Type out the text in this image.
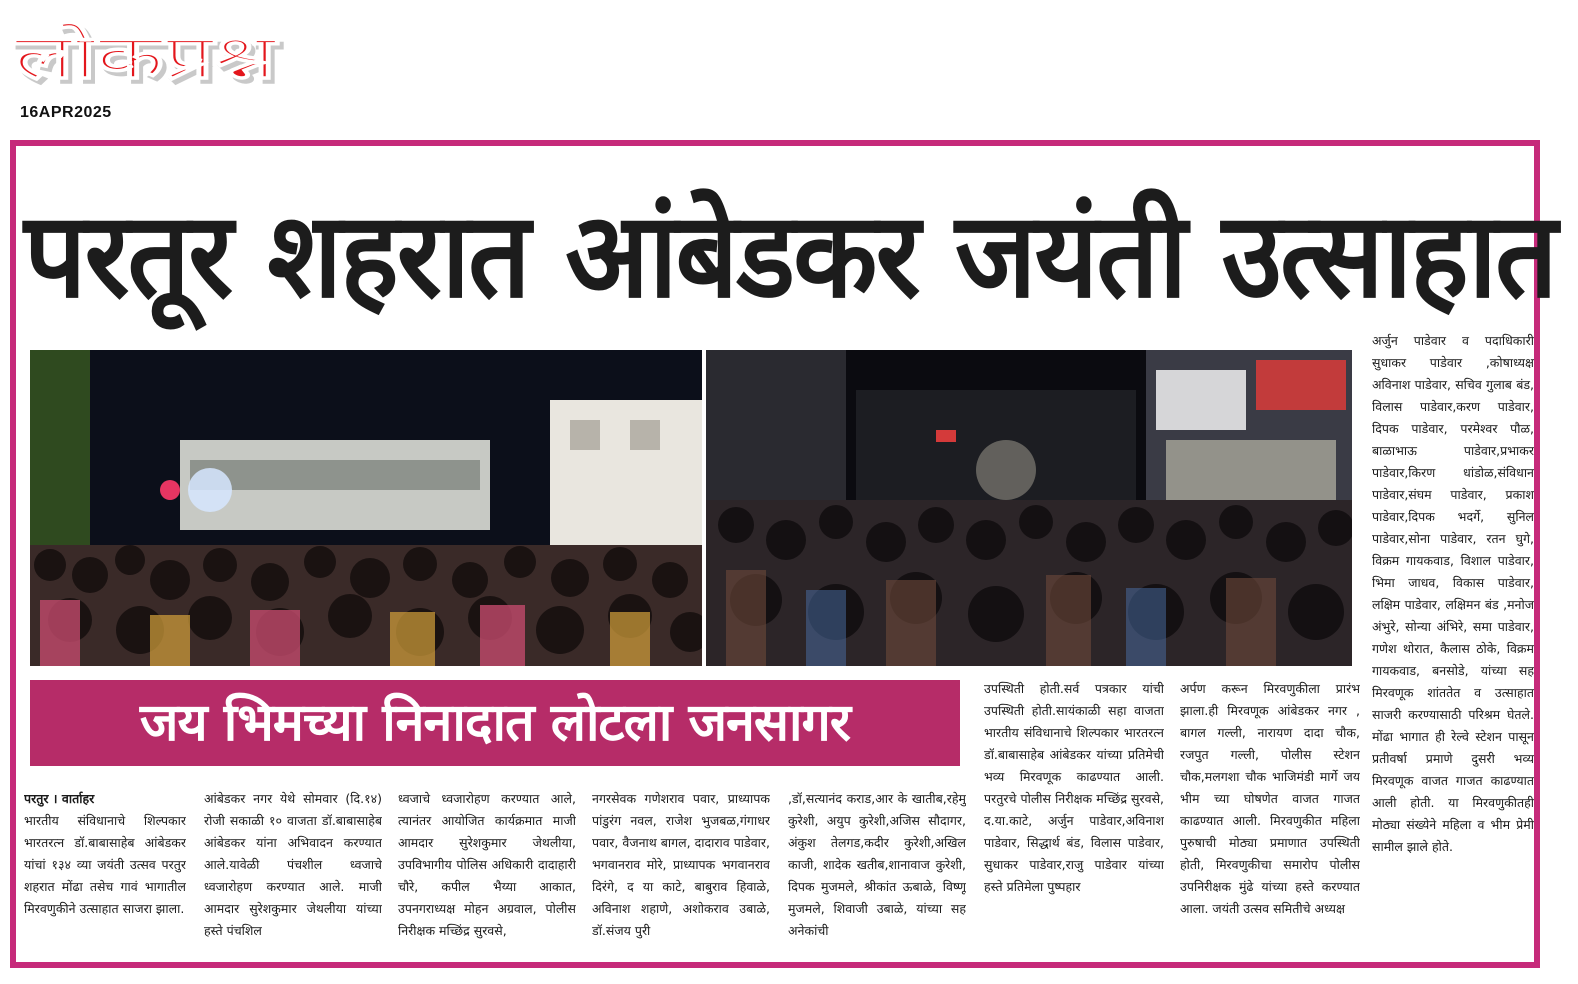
लोकप्रश्न
16APR2025
परतूर शहरात आंबेडकर जयंती उत्साहात
जय भिमच्या निनादात लोटला जनसागर
परतुर । वार्ताहर

भारतीय संविधानाचे शिल्पकार भारतरत्न डॉ.बाबासाहेब आंबेडकर यांचां १३४ व्या जयंती उत्सव परतुर शहरात मोंढा तसेच गावं भागातील मिरवणुकीने उत्साहात साजरा झाला.

आंबेडकर नगर येथे सोमवार (दि.१४) रोजी सकाळी १० वाजता डॉ.बाबासाहेब आंबेडकर यांना अभिवादन करण्यात आले.यावेळी पंचशील ध्वजाचे ध्वजारोहण करण्यात आले. माजी आमदार सुरेशकुमार जेथलीया यांच्या हस्ते पंचशिल

ध्वजाचे ध्वजारोहण करण्यात आले, त्यानंतर आयोजित कार्यक्रमात माजी आमदार सुरेशकुमार जेथलीया, उपविभागीय पोलिस अधिकारी दादाहारी चौरे, कपील भैय्या आकात, उपनगराध्यक्ष मोहन अग्रवाल, पोलीस निरीक्षक मच्छिंद्र सुरवसे,

नगरसेवक गणेशराव पवार, प्राध्यापक पांडुरंग नवल, राजेश भुजबळ,गंगाधर पवार, वैजनाथ बागल, दादाराव पाडेवार, भगवानराव मोरे, प्राध्यापक भगवानराव दिरंगे, द या काटे, बाबुराव हिवाळे, अविनाश शहाणे, अशोकराव उबाळे, डॉ.संजय पुरी

,डॉ,सत्यानंद कराड,आर के खातीब,रहेमु कुरेशी, अयुप कुरेशी,अजिस सौदागर, अंकुश तेलगड,कदीर कुरेशी,अखिल काजी, शादेक खतीब,शानावाज कुरेशी, दिपक मुजमले, श्रीकांत ऊबाळे, विष्णू मुजमले, शिवाजी उबाळे, यांच्या सह अनेकांची

उपस्थिती होती.सर्व पत्रकार यांची उपस्थिती होती.सायंकाळी सहा वाजता भारतीय संविधानाचे शिल्पकार भारतरत्न डॉ.बाबासाहेब आंबेडकर यांच्या प्रतिमेची भव्य मिरवणूक काढण्यात आली. परतुरचे पोलीस निरीक्षक मच्छिंद्र सुरवसे, द.या.काटे, अर्जुन पाडेवार,अविनाश पाडेवार, सिद्धार्थ बंड, विलास पाडेवार, सुधाकर पाडेवार,राजु पाडेवार यांच्या हस्ते प्रतिमेला पुष्पहार

अर्पण करून मिरवणुकीला प्रारंभ झाला.ही मिरवणूक आंबेडकर नगर , बागल गल्ली, नारायण दादा चौक, रजपुत गल्ली, पोलीस स्टेशन चौक,मलगशा चौक भाजिमंडी मार्गे जय भीम च्या घोषणेत वाजत गाजत काढण्यात आली. मिरवणुकीत महिला पुरुषाची मोठ्या प्रमाणात उपस्थिती होती, मिरवणुकीचा समारोप पोलीस उपनिरीक्षक मुंढे यांच्या हस्ते करण्यात आला. जयंती उत्सव समितीचे अध्यक्ष

अर्जुन पाडेवार व पदाधिकारी सुधाकर पाडेवार ,कोषाध्यक्ष अविनाश पाडेवार, सचिव गुलाब बंड, विलास पाडेवार,करण पाडेवार, दिपक पाडेवार, परमेश्वर पौळ, बाळाभाऊ पाडेवार,प्रभाकर पाडेवार,किरण धांडोळ,संविधान पाडेवार,संघम पाडेवार, प्रकाश पाडेवार,दिपक भदर्गे, सुनिल पाडेवार,सोना पाडेवार, रतन घुगे, विक्रम गायकवाड, विशाल पाडेवार, भिमा जाधव, विकास पाडेवार, लक्षिम पाडेवार, लक्षिमन बंड ,मनोज अंभुरे, सोन्या अंभिरे, समा पाडेवार, गणेश थोरात, कैलास ठोके, विक्रम गायकवाड, बनसोडे, यांच्या सह मिरवणूक शांततेत व उत्साहात साजरी करण्यासाठी परिश्रम घेतले. मोंढा भागात ही रेल्वे स्टेशन पासून प्रतीवर्षा प्रमाणे दुसरी भव्य मिरवणूक वाजत गाजत काढण्यात आली होती. या मिरवणुकीतही मोठ्या संख्येने महिला व भीम प्रेमी सामील झाले होते.
